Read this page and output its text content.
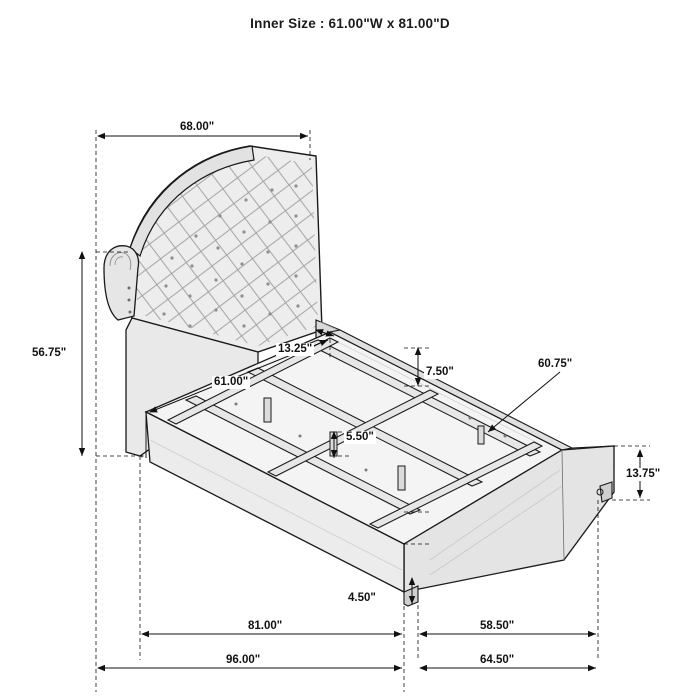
Inner Size : 61.00"W x 81.00"D
68.00"
56.75"	13.25"
61.00"
7.50"
60.75"
5.50"
13.75"
4.50"
81.00"	58.50"
96.00"	64.50"
